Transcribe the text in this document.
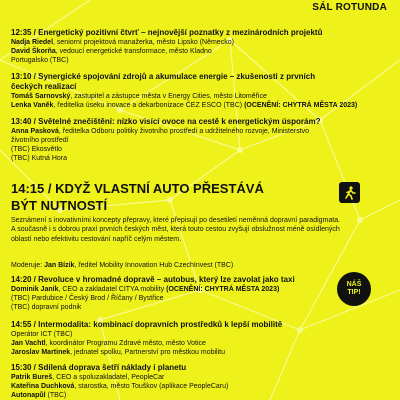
SÁL ROTUNDA
12:35 / Energetický pozitivní čtvrť – nejnovější poznatky z mezinárodních projektů
Nadja Riedel, seniorní projektová manažerka, město Lipsko (Německo)
David Škorňa, vedoucí energetické transformace, město Kladno
Portugalsko (TBC)
13:10 / Synergické spojování zdrojů a akumulace energie – zkušenosti z prvních čeckých realizací
Tomáš Sarnovský, zastupitel a zástupce města v Energy Cities, město Litoměřice
Lenka Vaněk, ředitelka úseku inovace a dekarbonizace ČEZ ESCO (TBC) (OCENĚNÍ: CHYTRÁ MĚSTA 2023)
13:40 / Světelné znečištění: nízko visící ovoce na cestě k energetickým úsporám?
Anna Pasková, ředitelka Odboru politiky životního prostředí a udržitelného rozvoje, Ministerstvo životního prostředí
(TBC) Ekosvětlo
(TBC) Kutná Hora
14:15 / KDYŽ VLASTNÍ AUTO PŘESTÁVÁ
BÝT NUTNOSTÍ
Seznámení s inovativními koncepty přepravy, které přepisují po desetiletí neměnná dopravní paradigmata. A současně i s dobrou praxí prvních českých měst, která touto cestou zvyšují obslužnost méně osídlených oblastí nebo efektivitu cestování napříč celým městem.
Moderuje: Jan Bízik, ředitel Mobility Innovation Hub CzechInvest (TBC)
14:20 / Revoluce v hromadné dopravě – autobus, který lze zavolat jako taxi
Dominik Janík, CEO a zakladatel CITYA mobility (OCENĚNÍ: CHYTRÁ MĚSTA 2023)
(TBC) Pardubice / Český Brod / Říčany / Bystřice
(TBC) dopravní podnik
NÁŠ
TIP!
14:55 / Intermodalita: kombinací dopravních prostředků k lepší mobilitě
Operátor ICT (TBC)
Jan Vachtl, koordinátor Programu Zdravé město, město Votice
Jaroslav Martinek, jednatel spolku, Partnerství pro městkou mobilitu
15:30 / Sdílená doprava šetří náklady i planetu
Patrik Bureš, CEO a spoluzakladatel, PeopleCar
Kateřina Duchková, starostka, město Touškov (aplikace PeopleCaru)
Autonapůl (TBC)
